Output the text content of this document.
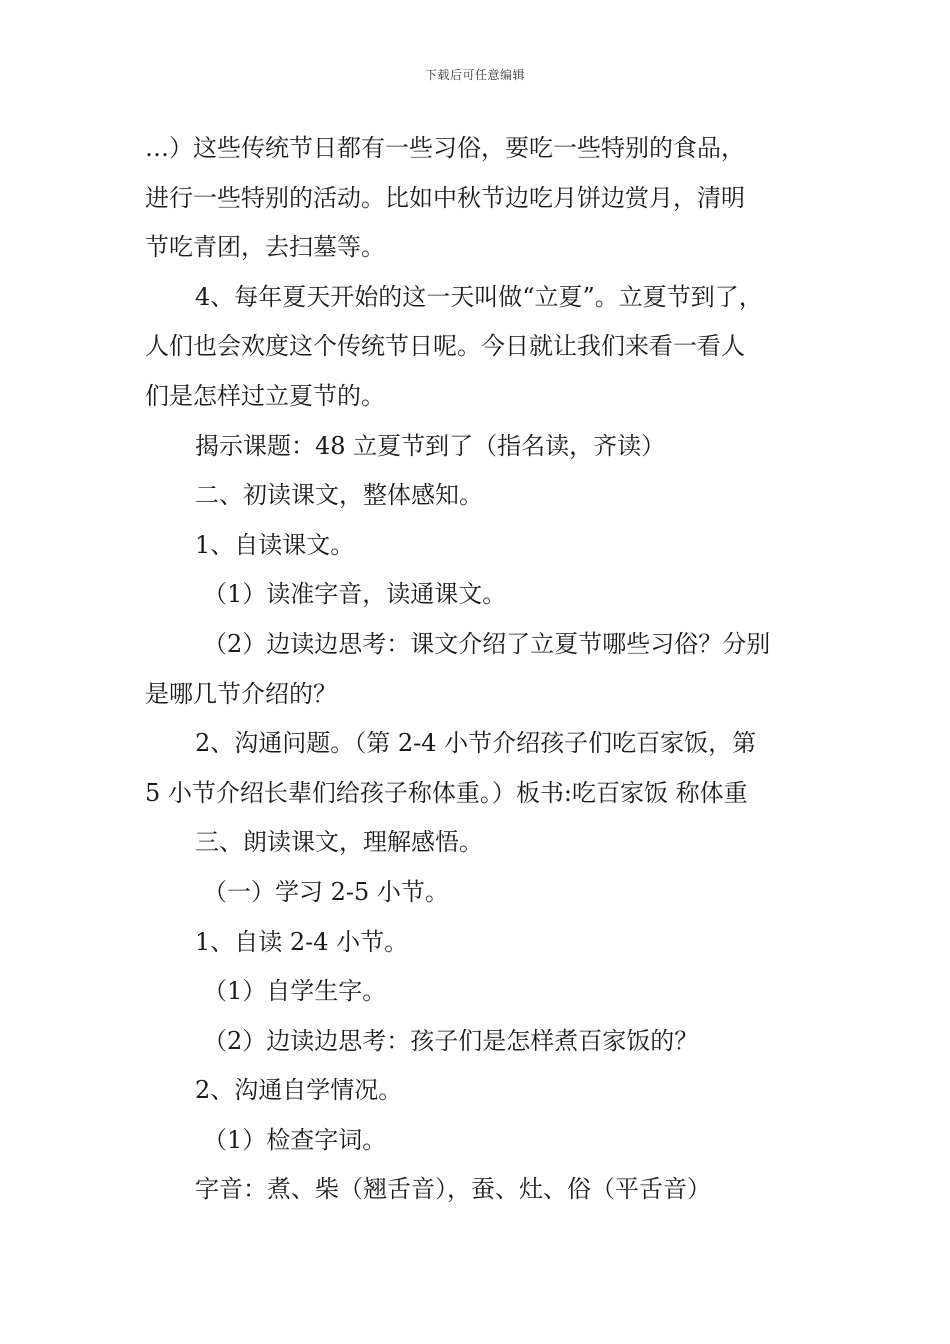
下载后可任意编辑
…）这些传统节日都有一些习俗，要吃一些特别的食品，
进行一些特别的活动。比如中秋节边吃月饼边赏月，清明
节吃青团，去扫墓等。
4、每年夏天开始的这一天叫做“立夏”。立夏节到了，
人们也会欢度这个传统节日呢。今日就让我们来看一看人
们是怎样过立夏节的。
揭示课题：48 立夏节到了（指名读，齐读）
二、初读课文，整体感知。
1、自读课文。
（1）读准字音，读通课文。
（2）边读边思考：课文介绍了立夏节哪些习俗？分别
是哪几节介绍的？
2、沟通问题。（第 2-4 小节介绍孩子们吃百家饭，第
5 小节介绍长辈们给孩子称体重。）板书:吃百家饭 称体重
三、朗读课文，理解感悟。
（一）学习 2-5 小节。
1、自读 2-4 小节。
（1）自学生字。
（2）边读边思考：孩子们是怎样煮百家饭的？
2、沟通自学情况。
（1）检查字词。
字音：煮、柴（翘舌音），蚕、灶、俗（平舌音）
